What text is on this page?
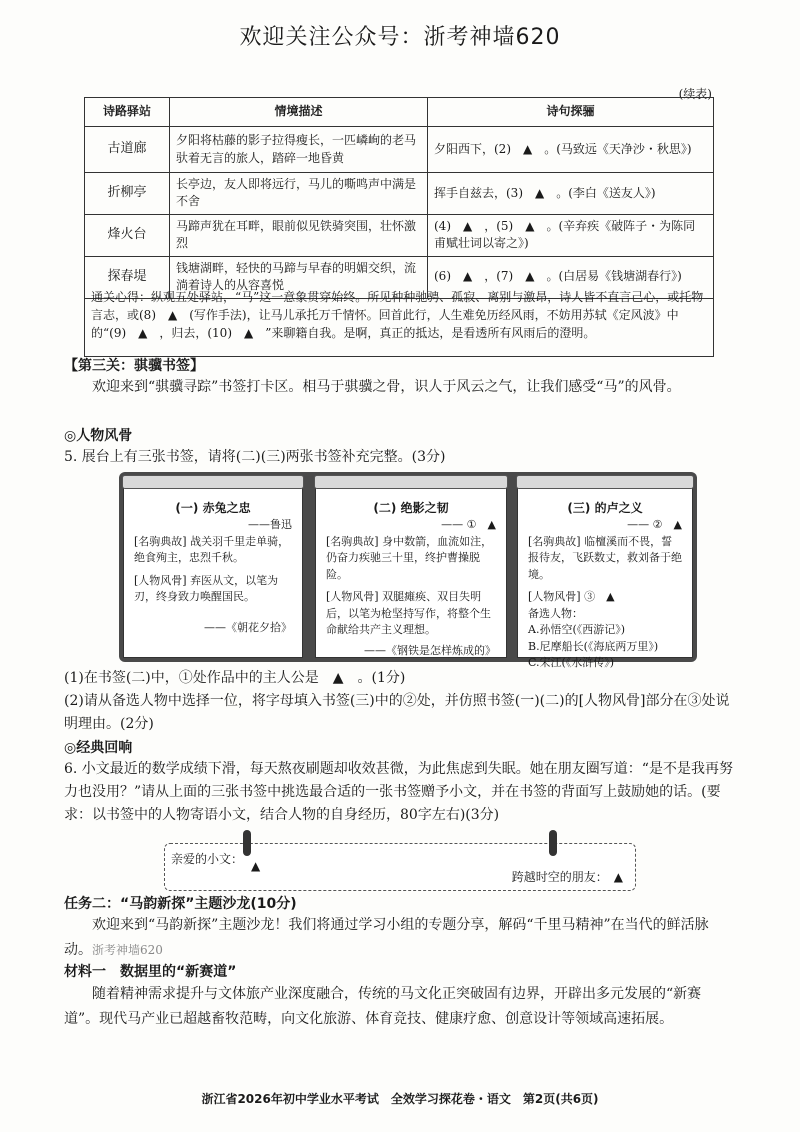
欢迎关注公众号：浙考神墙620
(续表)
诗路驿站	情境描述	诗句探骊
古道廊	夕阳将枯藤的影子拉得瘦长，一匹嶙峋的老马驮着无言的旅人，踏碎一地昏黄	夕阳西下，(2)　▲　。(马致远《天净沙・秋思》)
折柳亭	长亭边，友人即将远行，马儿的嘶鸣声中满是不舍	挥手自兹去，(3)　▲　。(李白《送友人》)
烽火台	马蹄声犹在耳畔，眼前似见铁骑突围，壮怀激烈	(4)　▲　，(5)　▲　。(辛弃疾《破阵子・为陈同甫赋壮词以寄之》)
探春堤	钱塘湖畔，轻快的马蹄与早春的明媚交织，流淌着诗人的从容喜悦	(6)　▲　，(7)　▲　。(白居易《钱塘湖春行》)
通关心得：纵观五处驿站，“马”这一意象贯穿始终。所见种种驰骋、孤寂、离别与激昂，诗人皆不直言己心，或托物言志，或(8)　▲　(写作手法)，让马儿承托万千情怀。回首此行，人生难免历经风雨，不妨用苏轼《定风波》中的“(9)　▲　，归去，(10)　▲　”来聊籍自我。是啊，真正的抵达，是看透所有风雨后的澄明。
【第三关：骐骥书签】
欢迎来到“骐骥寻踪”书签打卡区。相马于骐骥之骨，识人于风云之气，让我们感受“马”的风骨。
◎人物风骨
5. 展台上有三张书签，请将(二)(三)两张书签补充完整。(3分)
(一) 赤兔之忠
——鲁迅
[名驹典故] 战关羽千里走单骑，绝食殉主，忠烈千秋。
[人物风骨] 弃医从文，以笔为刃，终身致力唤醒国民。
——《朝花夕拾》
(二) 绝影之韧
—— ①　▲
[名驹典故] 身中数箭，血流如注，仍奋力疾驰三十里，终护曹操脱险。
[人物风骨] 双腿瘫痪、双目失明后，以笔为枪坚持写作，将整个生命献给共产主义理想。
——《钢铁是怎样炼成的》
(三) 的卢之义
—— ②　▲
[名驹典故] 临檀溪而不畏，誓报待友，飞跃数丈，救刘备于绝境。
[人物风骨] ③　▲
备选人物：
A.孙悟空(《西游记》)
B.尼摩船长(《海底两万里》)
C.宋江(《水浒传》)
(1)在书签(二)中，①处作品中的主人公是　▲　。(1分)
(2)请从备选人物中选择一位，将字母填入书签(三)中的②处，并仿照书签(一)(二)的[人物风骨]部分在③处说明理由。(2分)
◎经典回响
6. 小文最近的数学成绩下滑，每天熬夜刷题却收效甚微，为此焦虑到失眠。她在朋友圈写道：“是不是我再努力也没用？”请从上面的三张书签中挑选最合适的一张书签赠予小文，并在书签的背面写上鼓励她的话。(要求：以书签中的人物寄语小文，结合人物的自身经历，80字左右)(3分)
亲爱的小文： ▲
跨越时空的朋友：　▲
任务二：“马韵新探”主题沙龙(10分)
欢迎来到“马韵新探”主题沙龙！我们将通过学习小组的专题分享，解码“千里马精神”在当代的鲜活脉动。浙考神墙620
材料一　数据里的“新赛道”
随着精神需求提升与文体旅产业深度融合，传统的马文化正突破固有边界，开辟出多元发展的“新赛道”。现代马产业已超越畜牧范畴，向文化旅游、体育竞技、健康疗愈、创意设计等领域高速拓展。
浙江省2026年初中学业水平考试　全效学习探花卷・语文　第2页(共6页)
